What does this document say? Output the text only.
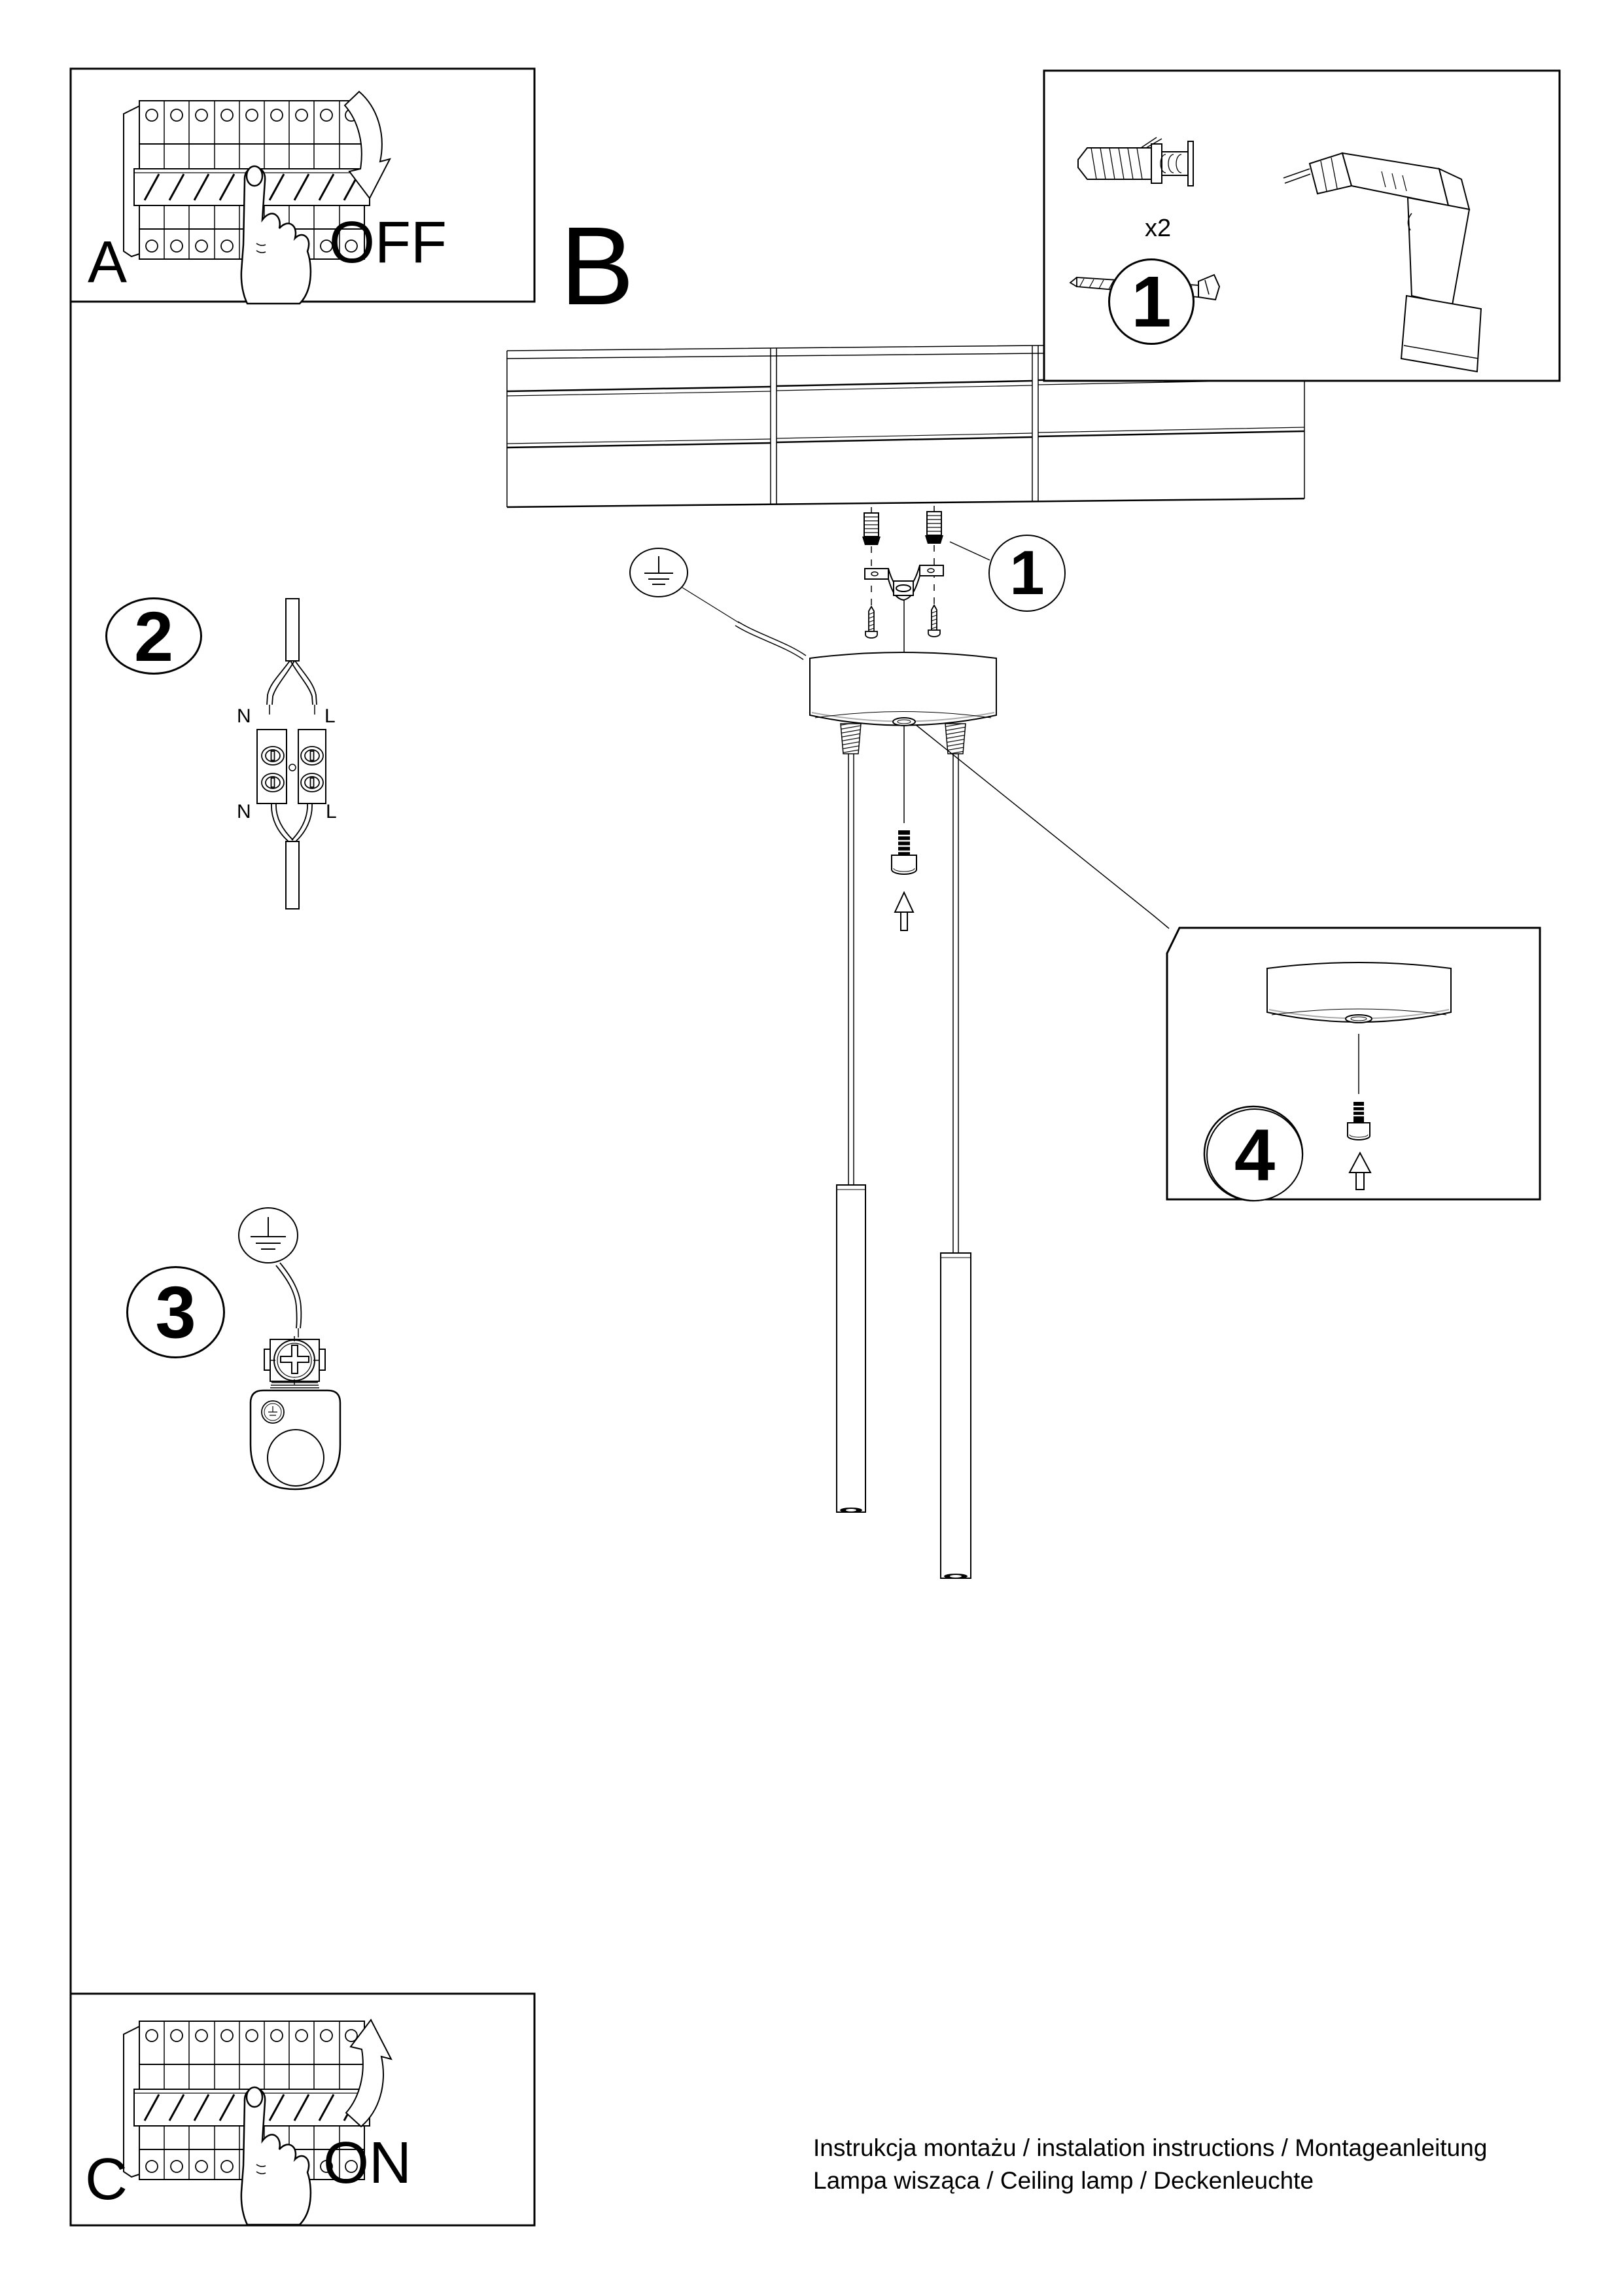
A	OFF B	x2
1
1
2
N	L
N	L
3
4
C	ON	Instrukcja montażu / instalation instructions / Montageanleitung
Lampa wisząca / Ceiling lamp / Deckenleuchte
